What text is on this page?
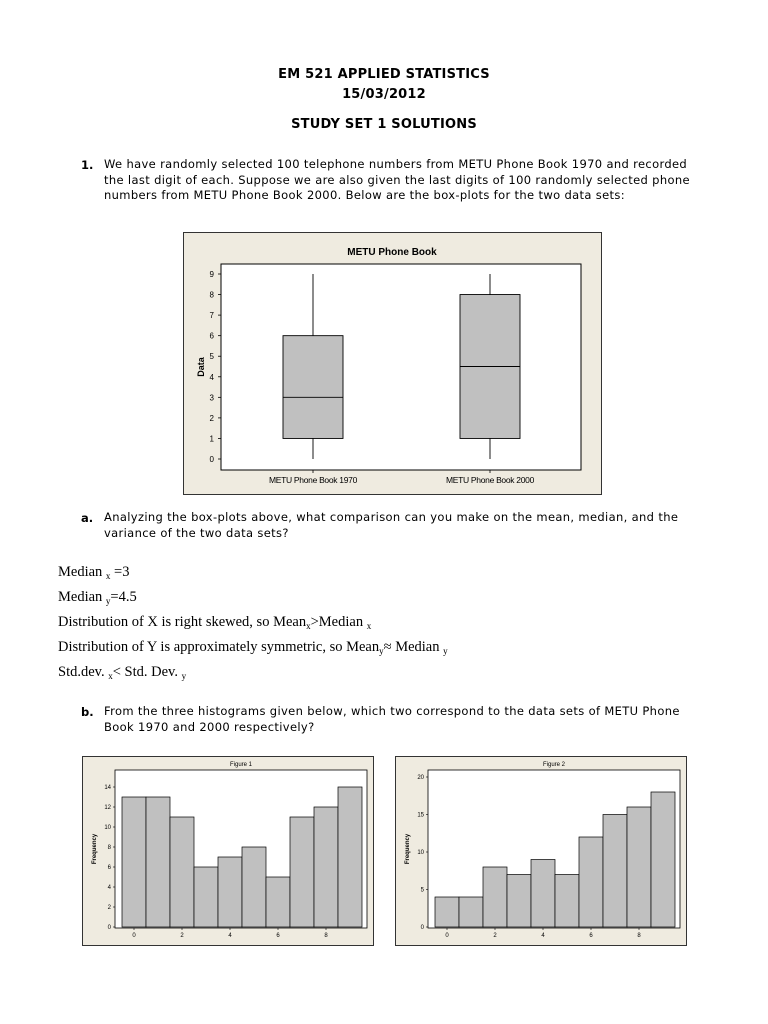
EM 521 APPLIED STATISTICS
15/03/2012
STUDY SET 1 SOLUTIONS
1. We have randomly selected 100 telephone numbers from METU Phone Book 1970 and recorded the last digit of each. Suppose we are also given the last digits of 100 randomly selected phone numbers from METU Phone Book 2000. Below are the box-plots for the two data sets:
METU Phone Book
Data
0
1
2
3
4
5
6
7
8
9
METU Phone Book 1970	METU Phone Book 2000
a. Analyzing the box-plots above, what comparison can you make on the mean, median, and the variance of the two data sets?
Median $_x$ =3
Median $_y$=4.5
Distribution of X is right skewed, so Mean$_x$>Median $_x$
Distribution of Y is approximately symmetric, so Mean$_y$≈ Median $_y$
Std.dev. $_x$< Std. Dev. $_y$
b. From the three histograms given below, which two correspond to the data sets of METU Phone Book 1970 and 2000 respectively?
Figure 1
Frequency
0
2
4
6
8
10
12
14
0	2	4	6	8
Figure 2
Frequency
0
5
10
15
20
0	2	4	6	8
